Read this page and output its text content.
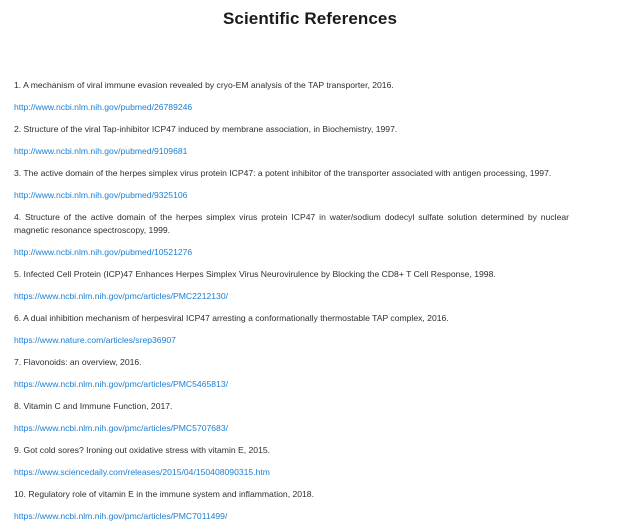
Scientific References

1. A mechanism of viral immune evasion revealed by cryo-EM analysis of the TAP transporter, 2016.

http://www.ncbi.nlm.nih.gov/pubmed/26789246

2. Structure of the viral Tap-inhibitor ICP47 induced by membrane association, in Biochemistry, 1997.

http://www.ncbi.nlm.nih.gov/pubmed/9109681

3. The active domain of the herpes simplex virus protein ICP47: a potent inhibitor of the transporter associated with antigen processing, 1997.

http://www.ncbi.nlm.nih.gov/pubmed/9325106

4. Structure of the active domain of the herpes simplex virus protein ICP47 in water/sodium dodecyl sulfate solution determined by nuclear magnetic resonance spectroscopy, 1999.

http://www.ncbi.nlm.nih.gov/pubmed/10521276

5. Infected Cell Protein (ICP)47 Enhances Herpes Simplex Virus Neurovirulence by Blocking the CD8+ T Cell Response, 1998.

https://www.ncbi.nlm.nih.gov/pmc/articles/PMC2212130/

6. A dual inhibition mechanism of herpesviral ICP47 arresting a conformationally thermostable TAP complex, 2016.

https://www.nature.com/articles/srep36907

7. Flavonoids: an overview, 2016.

https://www.ncbi.nlm.nih.gov/pmc/articles/PMC5465813/

8. Vitamin C and Immune Function, 2017.

https://www.ncbi.nlm.nih.gov/pmc/articles/PMC5707683/

9. Got cold sores? Ironing out oxidative stress with vitamin E, 2015.

https://www.sciencedaily.com/releases/2015/04/150408090315.htm

10. Regulatory role of vitamin E in the immune system and inflammation, 2018.

https://www.ncbi.nlm.nih.gov/pmc/articles/PMC7011499/
